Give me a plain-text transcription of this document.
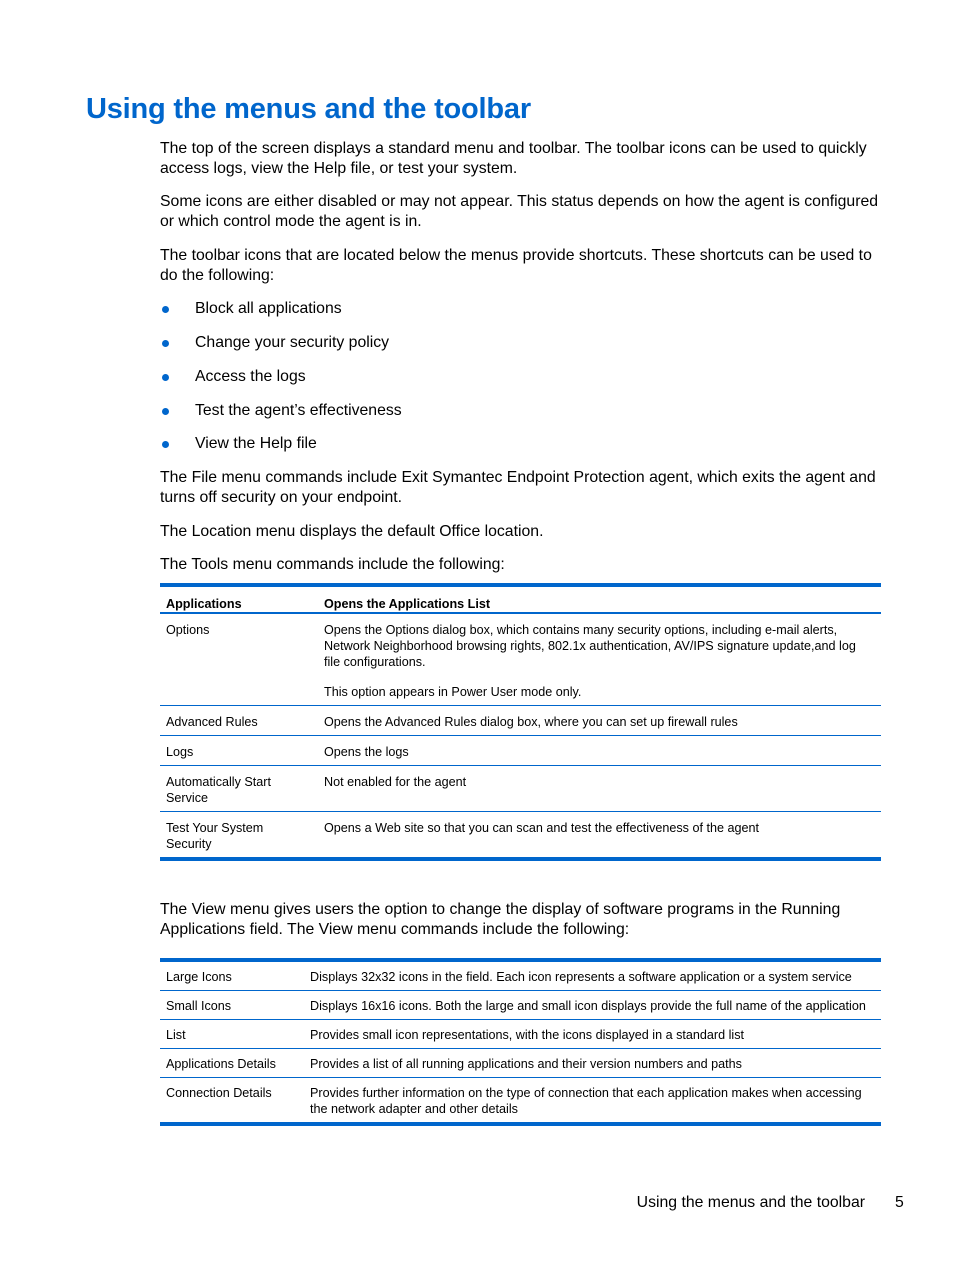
Using the menus and the toolbar

The top of the screen displays a standard menu and toolbar. The toolbar icons can be used to quickly access logs, view the Help file, or test your system.

Some icons are either disabled or may not appear. This status depends on how the agent is configured or which control mode the agent is in.

The toolbar icons that are located below the menus provide shortcuts. These shortcuts can be used to do the following:

Block all applications
Change your security policy
Access the logs
Test the agent’s effectiveness
View the Help file

The File menu commands include Exit Symantec Endpoint Protection agent, which exits the agent and turns off security on your endpoint.

The Location menu displays the default Office location.

The Tools menu commands include the following:

Applications	Opens the Applications List
Options	Opens the Options dialog box, which contains many security options, including e-mail alerts, Network Neighborhood browsing rights, 802.1x authentication, AV/IPS signature update,and log file configurations.

This option appears in Power User mode only.

Advanced Rules	Opens the Advanced Rules dialog box, where you can set up firewall rules
Logs	Opens the logs
Automatically Start Service	Not enabled for the agent
Test Your System Security	Opens a Web site so that you can scan and test the effectiveness of the agent

The View menu gives users the option to change the display of software programs in the Running Applications field. The View menu commands include the following:

Large Icons	Displays 32x32 icons in the field. Each icon represents a software application or a system service
Small Icons	Displays 16x16 icons. Both the large and small icon displays provide the full name of the application
List	Provides small icon representations, with the icons displayed in a standard list
Applications Details	Provides a list of all running applications and their version numbers and paths
Connection Details	Provides further information on the type of connection that each application makes when accessing the network adapter and other details
Using the menus and the toolbar 5
